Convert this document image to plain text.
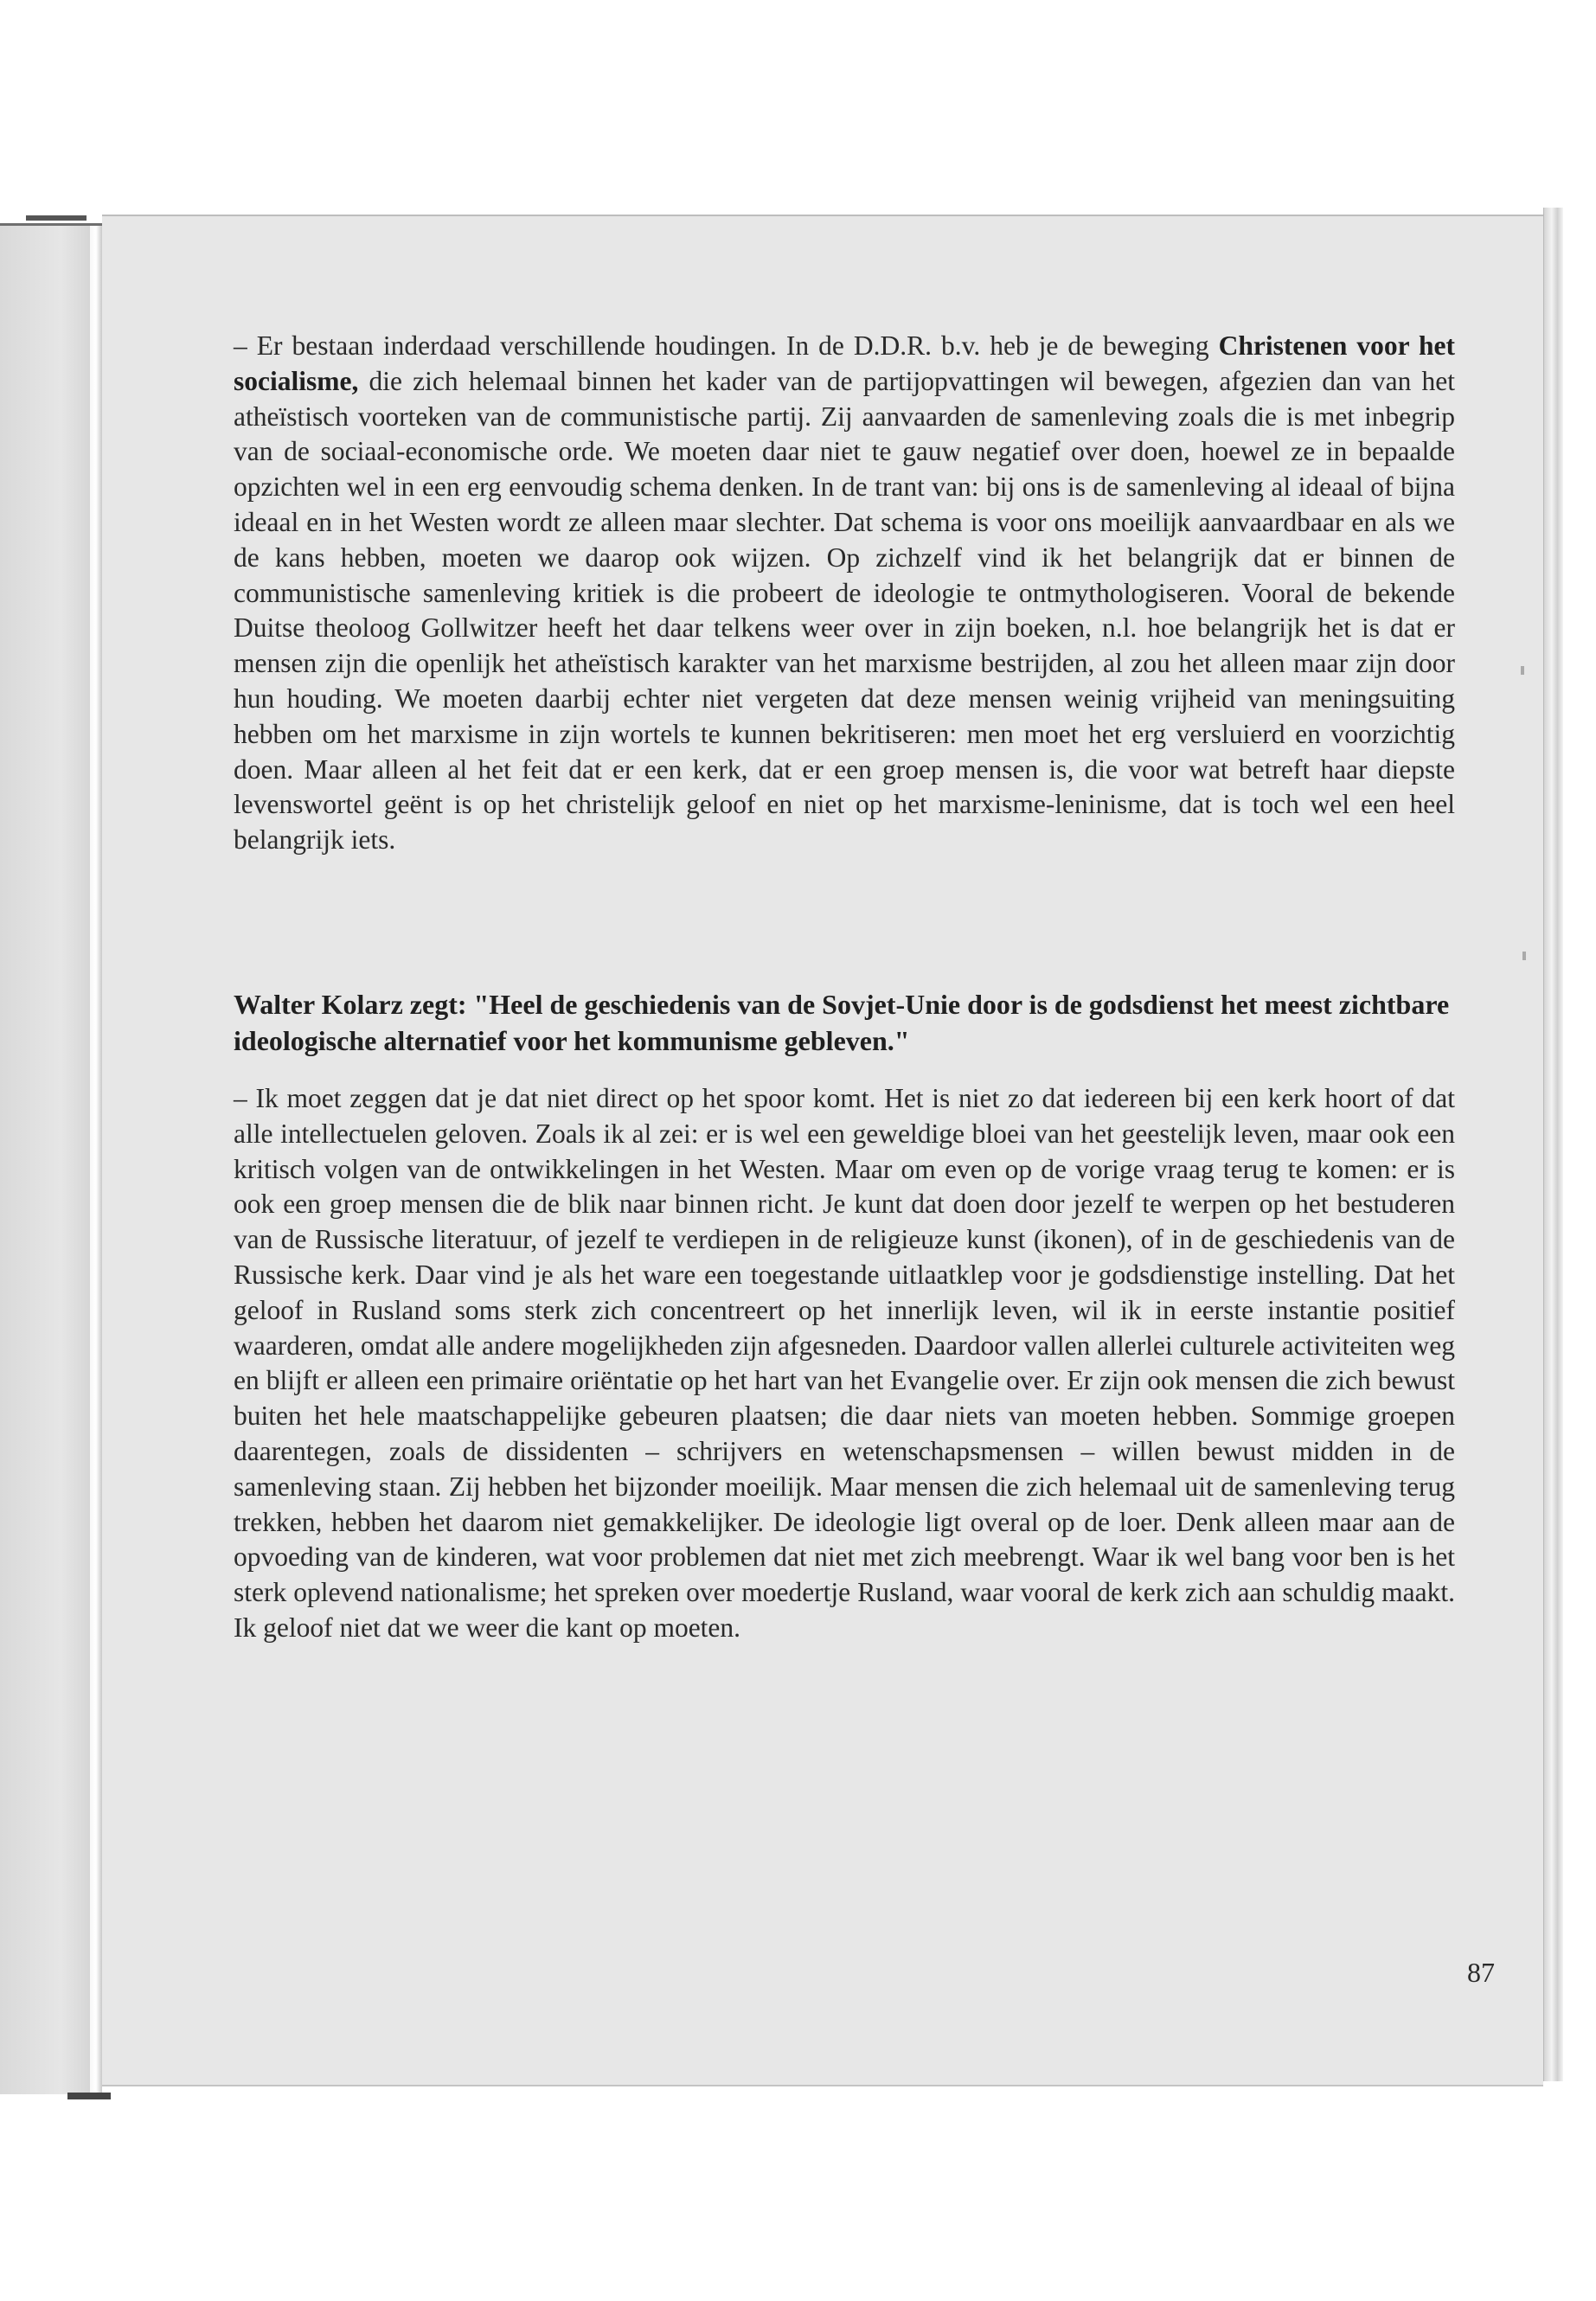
– Er bestaan inderdaad verschillende houdingen. In de D.D.R. b.v. heb je de beweging Christenen voor het socialisme, die zich helemaal binnen het kader van de partijopvattingen wil bewegen, afgezien dan van het atheïstisch voorteken van de communistische partij. Zij aanvaarden de samenleving zoals die is met inbegrip van de sociaal-economische orde. We moeten daar niet te gauw negatief over doen, hoewel ze in bepaalde opzichten wel in een erg eenvoudig schema denken. In de trant van: bij ons is de samenleving al ideaal of bijna ideaal en in het Westen wordt ze alleen maar slechter. Dat schema is voor ons moeilijk aanvaardbaar en als we de kans hebben, moeten we daarop ook wijzen. Op zichzelf vind ik het belangrijk dat er binnen de communistische samenleving kritiek is die probeert de ideologie te ontmythologiseren. Vooral de bekende Duitse theoloog Gollwitzer heeft het daar telkens weer over in zijn boeken, n.l. hoe belangrijk het is dat er mensen zijn die openlijk het atheïstisch karakter van het marxisme bestrijden, al zou het alleen maar zijn door hun houding. We moeten daarbij echter niet vergeten dat deze mensen weinig vrijheid van meningsuiting hebben om het marxisme in zijn wortels te kunnen bekritiseren: men moet het erg versluierd en voorzichtig doen. Maar alleen al het feit dat er een kerk, dat er een groep mensen is, die voor wat betreft haar diepste levenswortel geënt is op het christelijk geloof en niet op het marxisme-leninisme, dat is toch wel een heel belangrijk iets.

Walter Kolarz zegt: "Heel de geschiedenis van de Sovjet-Unie door is de godsdienst het meest zichtbare ideologische alternatief voor het kommunisme gebleven."

– Ik moet zeggen dat je dat niet direct op het spoor komt. Het is niet zo dat iedereen bij een kerk hoort of dat alle intellectuelen geloven. Zoals ik al zei: er is wel een geweldige bloei van het geestelijk leven, maar ook een kritisch volgen van de ontwikkelingen in het Westen. Maar om even op de vorige vraag terug te komen: er is ook een groep mensen die de blik naar binnen richt. Je kunt dat doen door jezelf te werpen op het bestuderen van de Russische literatuur, of jezelf te verdiepen in de religieuze kunst (ikonen), of in de geschiedenis van de Russische kerk. Daar vind je als het ware een toegestande uitlaatklep voor je godsdienstige instelling. Dat het geloof in Rusland soms sterk zich concentreert op het innerlijk leven, wil ik in eerste instantie positief waarderen, omdat alle andere mogelijkheden zijn afgesneden. Daardoor vallen allerlei culturele activiteiten weg en blijft er alleen een primaire oriëntatie op het hart van het Evangelie over. Er zijn ook mensen die zich bewust buiten het hele maatschappelijke gebeuren plaatsen; die daar niets van moeten hebben. Sommige groepen daarentegen, zoals de dissidenten – schrijvers en wetenschapsmensen – willen bewust midden in de samenleving staan. Zij hebben het bijzonder moeilijk. Maar mensen die zich helemaal uit de samenleving terug trekken, hebben het daarom niet gemakkelijker. De ideologie ligt overal op de loer. Denk alleen maar aan de opvoeding van de kinderen, wat voor problemen dat niet met zich meebrengt. Waar ik wel bang voor ben is het sterk oplevend nationalisme; het spreken over moedertje Rusland, waar vooral de kerk zich aan schuldig maakt. Ik geloof niet dat we weer die kant op moeten.

87
